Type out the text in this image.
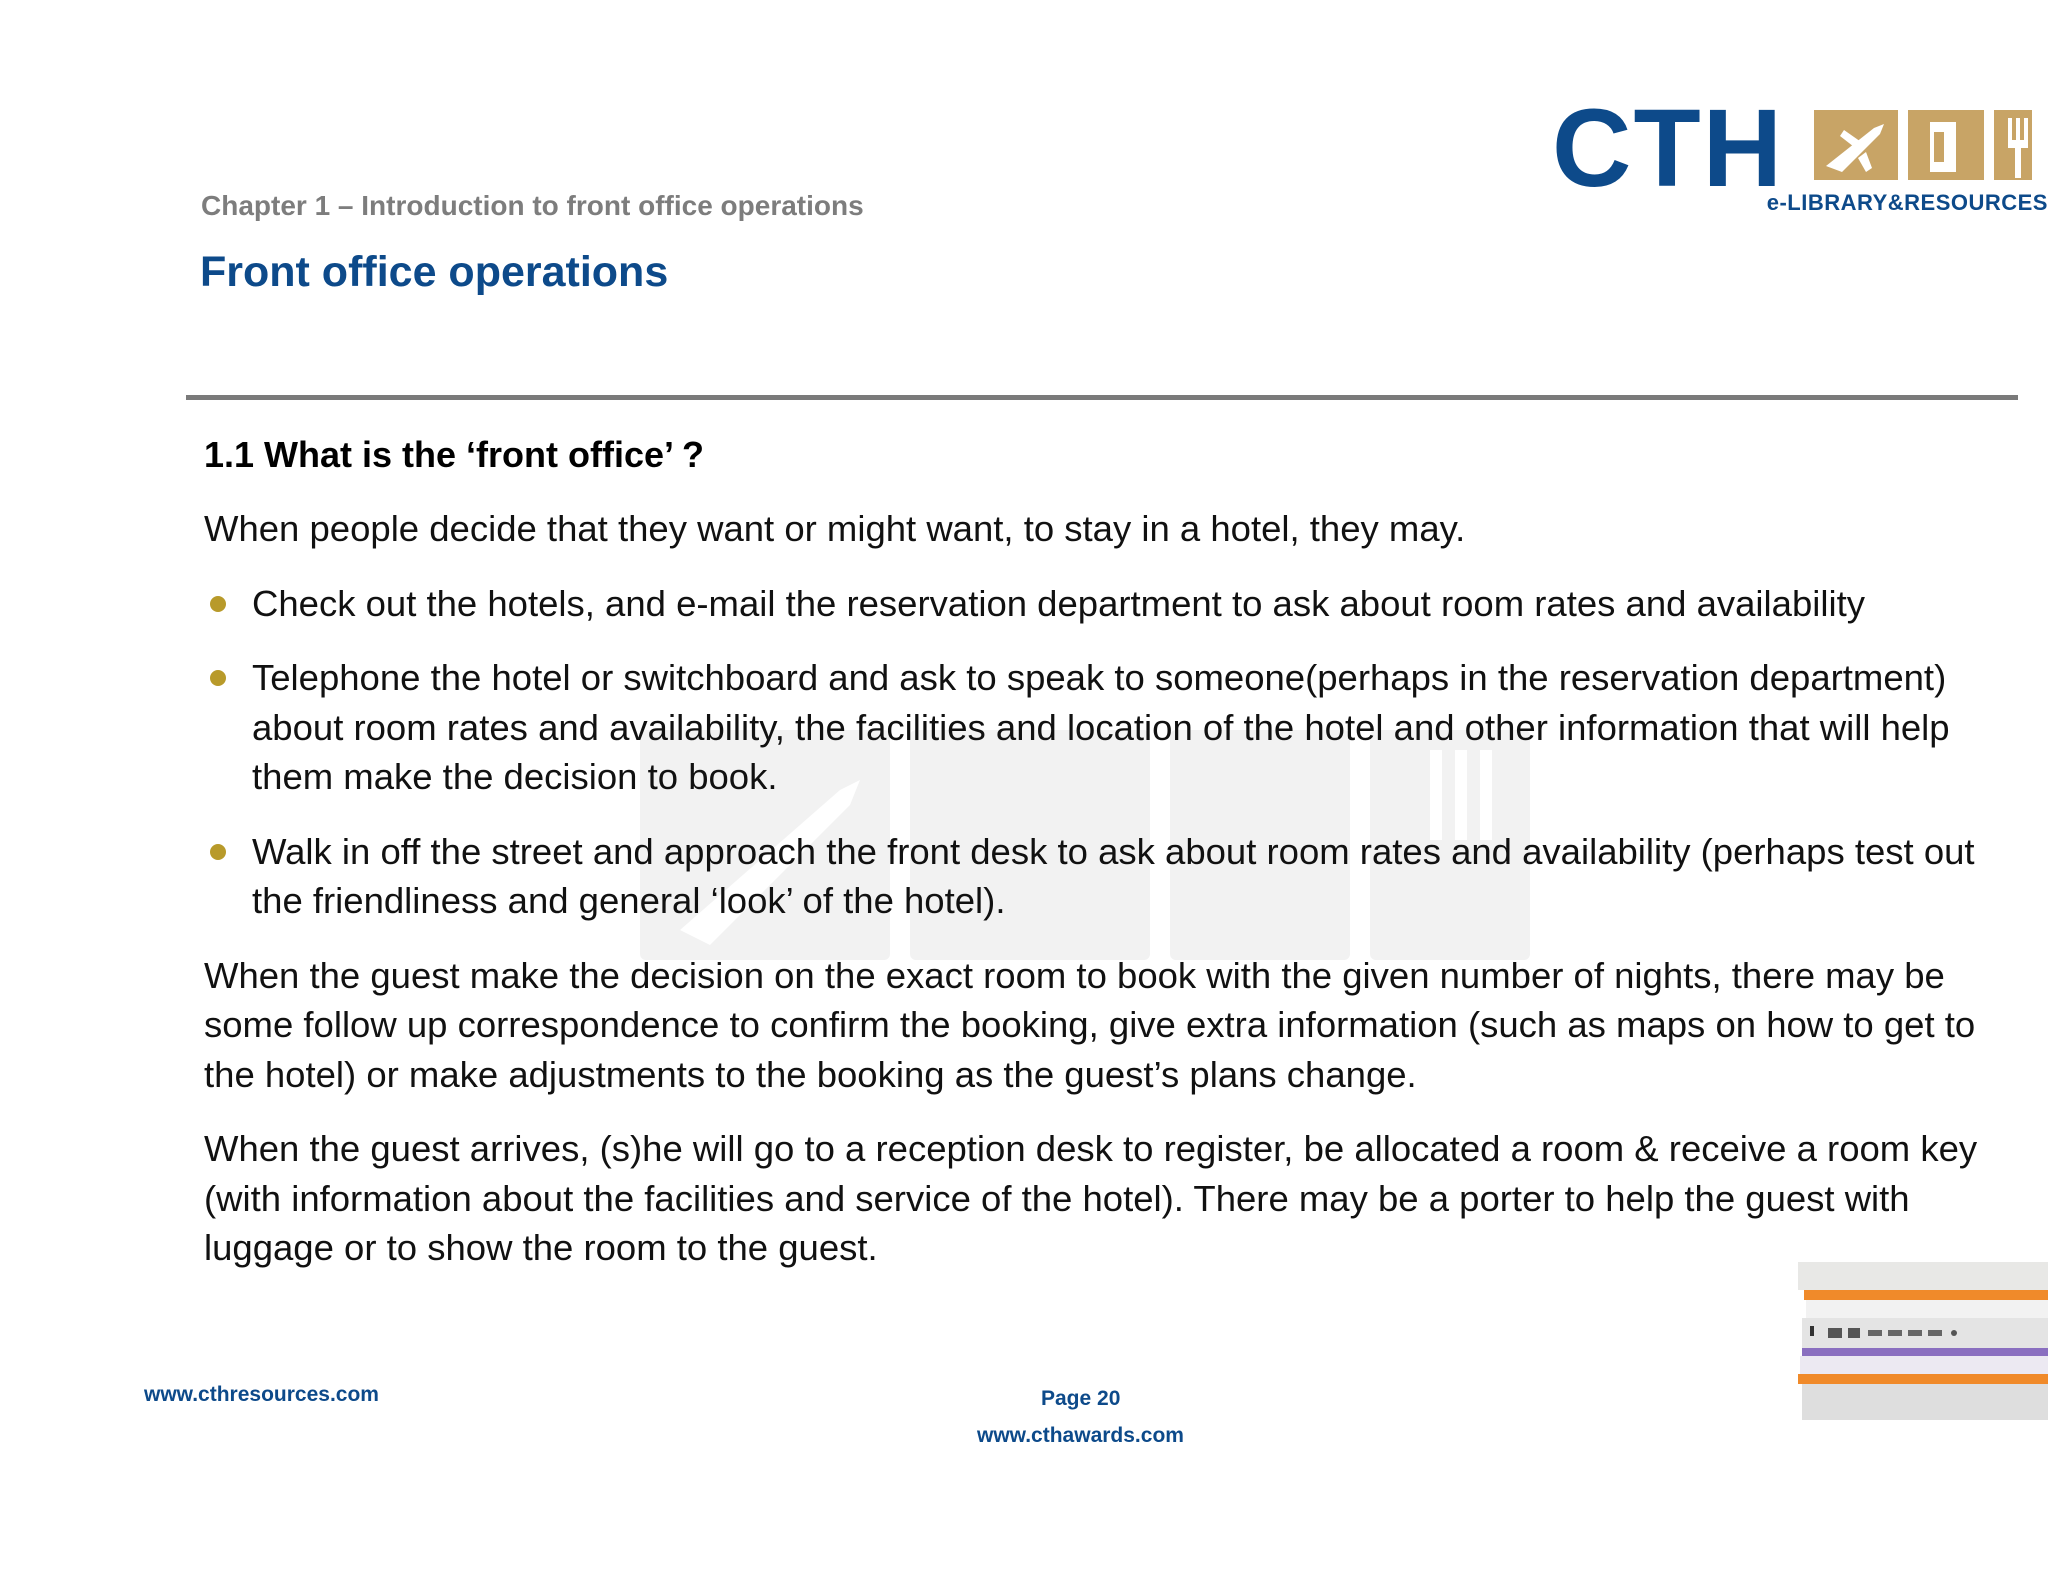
CTH
e-LIBRARY&RESOURCES
Chapter 1 – Introduction to front office operations
Front office operations
1.1 What is the ‘front office’ ?

When people decide that they want or might want, to stay in a hotel, they may.

Check out the hotels, and e-mail the reservation department to ask about room rates and availability
Telephone the hotel or switchboard and ask to speak to someone(perhaps in the reservation department) about room rates and availability, the facilities and location of the hotel and other information that will help them make the decision to book.
Walk in off the street and approach the front desk to ask about room rates and availability (perhaps test out the friendliness and general ‘look’ of the hotel).

When the guest make the decision on the exact room to book with the given number of nights, there may be some follow up correspondence to confirm the booking, give extra information (such as maps on how to get to the hotel) or make adjustments to the booking as the guest’s plans change.

When the guest arrives, (s)he will go to a reception desk to register, be allocated a room & receive a room key (with information about the facilities and service of the hotel). There may be a porter to help the guest with luggage or to show the room to the guest.

www.cthresources.com	Page 20
www.cthawards.com
